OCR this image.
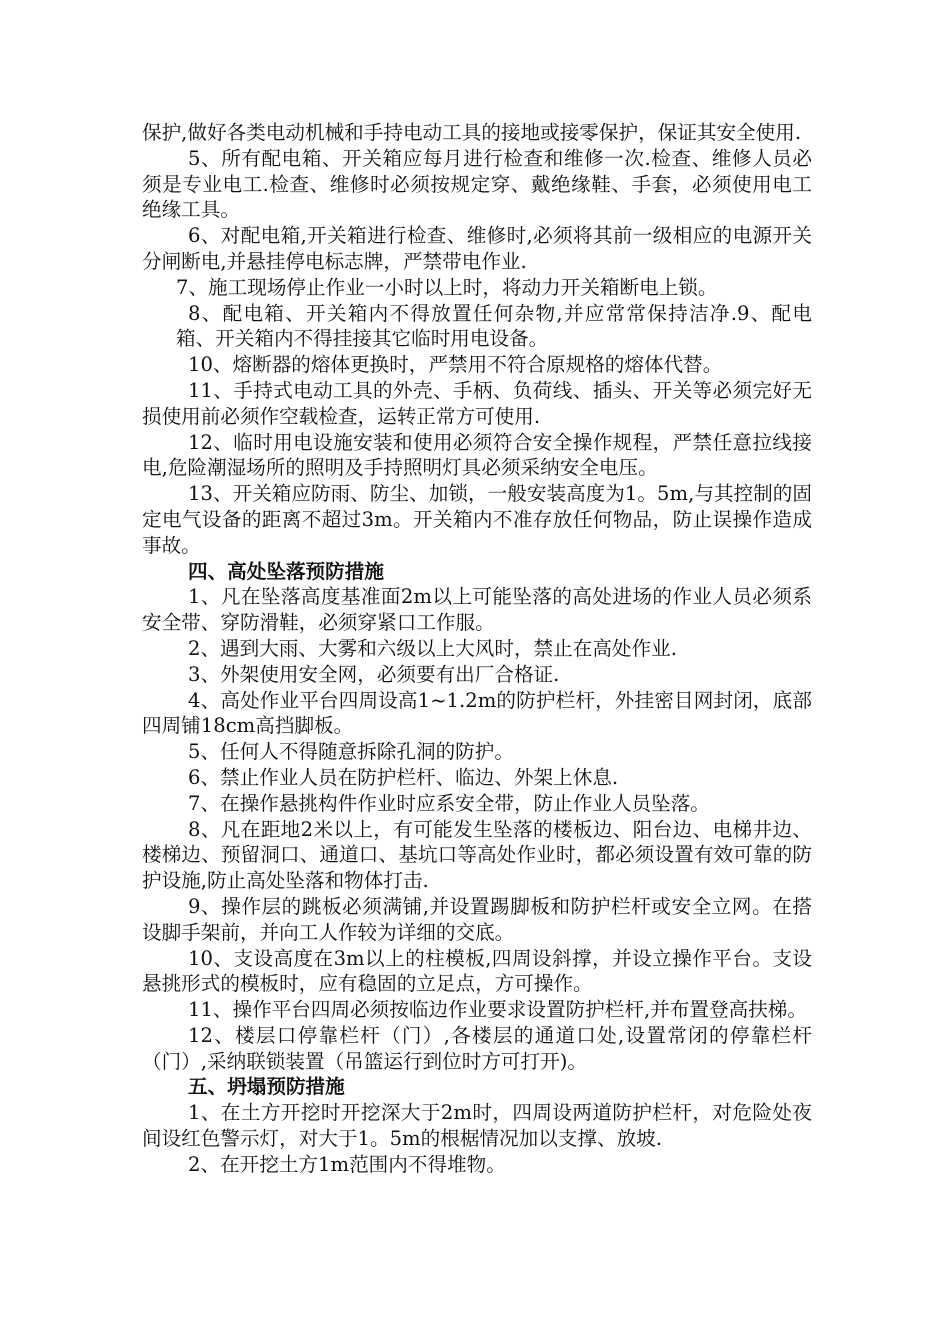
保护,做好各类电动机械和手持电动工具的接地或接零保护，保证其安全使用.

5、所有配电箱、开关箱应每月进行检查和维修一次.检查、维修人员必须是专业电工.检查、维修时必须按规定穿、戴绝缘鞋、手套，必须使用电工绝缘工具。

6、对配电箱,开关箱进行检查、维修时,必须将其前一级相应的电源开关分闸断电,并悬挂停电标志牌，严禁带电作业.

7、施工现场停止作业一小时以上时，将动力开关箱断电上锁。

8、配电箱、开关箱内不得放置任何杂物,并应常常保持洁净.9、配电箱、开关箱内不得挂接其它临时用电设备。

10、熔断器的熔体更换时，严禁用不符合原规格的熔体代替。

11、手持式电动工具的外壳、手柄、负荷线、插头、开关等必须完好无损使用前必须作空载检查，运转正常方可使用.

12、临时用电设施安装和使用必须符合安全操作规程，严禁任意拉线接电,危险潮湿场所的照明及手持照明灯具必须采纳安全电压。

13、开关箱应防雨、防尘、加锁，一般安装高度为1。5m,与其控制的固定电气设备的距离不超过3m。开关箱内不准存放任何物品，防止误操作造成事故。

四、高处坠落预防措施

1、凡在坠落高度基准面2m以上可能坠落的高处进场的作业人员必须系安全带、穿防滑鞋，必须穿紧口工作服。

2、遇到大雨、大雾和六级以上大风时，禁止在高处作业.

3、外架使用安全网，必须要有出厂合格证.

4、高处作业平台四周设高1~1.2m的防护栏杆，外挂密目网封闭，底部四周铺18cm高挡脚板。

5、任何人不得随意拆除孔洞的防护。

6、禁止作业人员在防护栏杆、临边、外架上休息.

7、在操作悬挑构件作业时应系安全带，防止作业人员坠落。

8、凡在距地2米以上，有可能发生坠落的楼板边、阳台边、电梯井边、楼梯边、预留洞口、通道口、基坑口等高处作业时，都必须设置有效可靠的防护设施,防止高处坠落和物体打击.

9、操作层的跳板必须满铺,并设置踢脚板和防护栏杆或安全立网。在搭设脚手架前，并向工人作较为详细的交底。

10、支设高度在3m以上的柱模板,四周设斜撑，并设立操作平台。支设悬挑形式的模板时，应有稳固的立足点，方可操作。

11、操作平台四周必须按临边作业要求设置防护栏杆,并布置登高扶梯。

12、楼层口停靠栏杆（门）,各楼层的通道口处,设置常闭的停靠栏杆（门）,采纳联锁装置（吊篮运行到位时方可打开)。

五、坍塌预防措施

1、在土方开挖时开挖深大于2m时，四周设两道防护栏杆，对危险处夜间设红色警示灯，对大于1。5m的根椐情况加以支撑、放坡.

2、在开挖土方1m范围内不得堆物。
